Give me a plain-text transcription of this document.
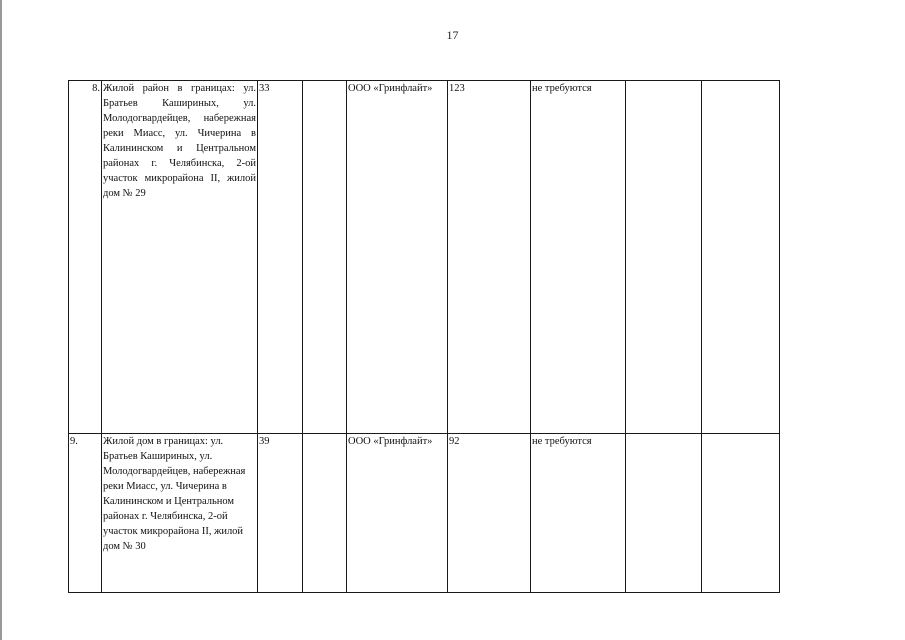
17
8.	Жилой район в границах: ул. Братьев Кашириных, ул. Молодогвардейцев, набережная реки Миасс, ул. Чичерина в Калининском и Центральном районах г. Челябинска, 2-ой участок микрорайона II, жилой дом № 29	33		ООО «Гринфлайт»	123	не требуются		
9.	Жилой дом в границах: ул. Братьев Кашириных, ул. Молодогвардейцев, набережная реки Миасс, ул. Чичерина в Калининском и Центральном районах г. Челябинска, 2-ой участок микрорайона II, жилой дом № 30	39		ООО «Гринфлайт»	92	не требуются		
